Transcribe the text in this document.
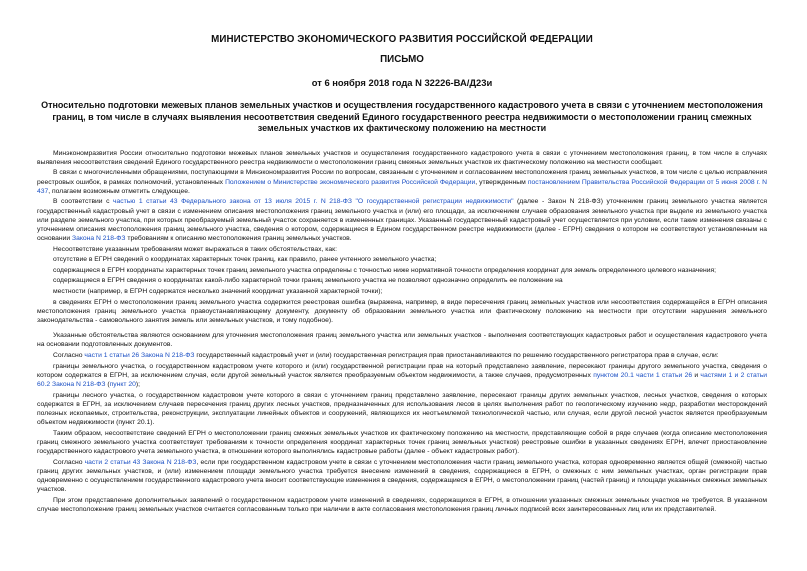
МИНИСТЕРСТВО ЭКОНОМИЧЕСКОГО РАЗВИТИЯ РОССИЙСКОЙ ФЕДЕРАЦИИ
ПИСЬМО
от 6 ноября 2018 года N 32226-ВА/Д23и
Относительно подготовки межевых планов земельных участков и осуществления государственного кадастрового учета в связи с уточнением местоположения границ, в том числе в случаях выявления несоответствия сведений Единого государственного реестра недвижимости о местоположении границ смежных земельных участков их фактическому положению на местности

Минэкономразвития России относительно подготовки межевых планов земельных участков и осуществления государственного кадастрового учета в связи с уточнением местоположения границ, в том числе в случаях выявления несоответствия сведений Единого государственного реестра недвижимости о местоположении границ смежных земельных участков их фактическому положению на местности сообщает.

В связи с многочисленными обращениями, поступающими в Минэкономразвития России по вопросам, связанным с уточнением и согласованием местоположения границ земельных участков, в том числе с целью исправления реестровых ошибок, в рамках полномочий, установленных Положением о Министерстве экономического развития Российской Федерации, утвержденным постановлением Правительства Российской Федерации от 5 июня 2008 г. N 437, полагаем возможным отметить следующее.

В соответствии с частью 1 статьи 43 Федерального закона от 13 июля 2015 г. N 218-ФЗ "О государственной регистрации недвижимости" (далее - Закон N 218-ФЗ) уточнением границ земельного участка является государственный кадастровый учет в связи с изменением описания местоположения границ земельного участка и (или) его площади, за исключением случаев образования земельного участка при выделе из земельного участка или разделе земельного участка, при которых преобразуемый земельный участок сохраняется в измененных границах. Указанный государственный кадастровый учет осуществляется при условии, если такие изменения связаны с уточнением описания местоположения границ земельного участка, сведения о котором, содержащиеся в Едином государственном реестре недвижимости (далее - ЕГРН) сведения о котором не соответствуют установленным на основании Закона N 218-ФЗ требованиям к описанию местоположения границ земельных участков.

Несоответствие указанным требованиям может выражаться в таких обстоятельствах, как:

отсутствие в ЕГРН сведений о координатах характерных точек границ, как правило, ранее учтенного земельного участка;

содержащиеся в ЕГРН координаты характерных точек границ земельного участка определены с точностью ниже нормативной точности определения координат для земель определенного целевого назначения;

содержащиеся в ЕГРН сведения о координатах какой-либо характерной точки границ земельного участка не позволяют однозначно определить ее положение на

местности (например, в ЕГРН содержатся несколько значений координат указанной характерной точки);

в сведениях ЕГРН о местоположении границ земельного участка содержится реестровая ошибка (выражена, например, в виде пересечения границ земельных участков или несоответствия содержащейся в ЕГРН описания местоположения границ земельного участка правоустанавливающему документу, документу об образовании земельного участка или фактическому положению на местности при отсутствии нарушения земельного законодательства - самовольного занятия земель или земельных участков, и тому подобное).

Указанные обстоятельства являются основанием для уточнения местоположения границ земельного участка или земельных участков - выполнения соответствующих кадастровых работ и осуществления кадастрового учета на основании подготовленных документов.

Согласно части 1 статьи 26 Закона N 218-ФЗ государственный кадастровый учет и (или) государственная регистрация прав приостанавливаются по решению государственного регистратора прав в случае, если:

границы земельного участка, о государственном кадастровом учете которого и (или) государственной регистрации прав на который представлено заявление, пересекают границы другого земельного участка, сведения о котором содержатся в ЕГРН, за исключением случая, если другой земельный участок является преобразуемым объектом недвижимости, а также случаев, предусмотренных пунктом 20.1 части 1 статьи 26 и частями 1 и 2 статьи 60.2 Закона N 218-ФЗ (пункт 20);

границы лесного участка, о государственном кадастровом учете которого в связи с уточнением границ представлено заявление, пересекают границы других земельных участков, лесных участков, сведения о которых содержатся в ЕГРН, за исключением случаев пересечения границ других лесных участков, предназначенных для использования лесов в целях выполнения работ по геологическому изучению недр, разработки месторождений полезных ископаемых, строительства, реконструкции, эксплуатации линейных объектов и сооружений, являющихся их неотъемлемой технологической частью, или случая, если другой лесной участок является преобразуемым объектом недвижимости (пункт 20.1).

Таким образом, несоответствие сведений ЕГРН о местоположении границ смежных земельных участков их фактическому положению на местности, представляющие собой в ряде случаев (когда описание местоположения границ смежного земельного участка соответствует требованиям к точности определения координат характерных точек границ земельных участков) реестровые ошибки в указанных сведениях ЕГРН, влечет приостановление государственного кадастрового учета земельного участка, в отношении которого выполнялись кадастровые работы (далее - объект кадастровых работ).

Согласно части 2 статьи 43 Закона N 218-ФЗ, если при государственном кадастровом учете в связи с уточнением местоположения части границ земельного участка, которая одновременно является общей (смежной) частью границ других земельных участков, и (или) изменением площади земельного участка требуется внесение изменений в сведения, содержащиеся в ЕГРН, о смежных с ним земельных участках, орган регистрации прав одновременно с осуществлением государственного кадастрового учета вносит соответствующие изменения в сведения, содержащиеся в ЕГРН, о местоположении границ (частей границ) и площади указанных смежных земельных участков.

При этом представление дополнительных заявлений о государственном кадастровом учете изменений в сведениях, содержащихся в ЕГРН, в отношении указанных смежных земельных участков не требуется. В указанном случае местоположение границ земельных участков считается согласованным только при наличии в акте согласования местоположения границ личных подписей всех заинтересованных лиц или их представителей.
